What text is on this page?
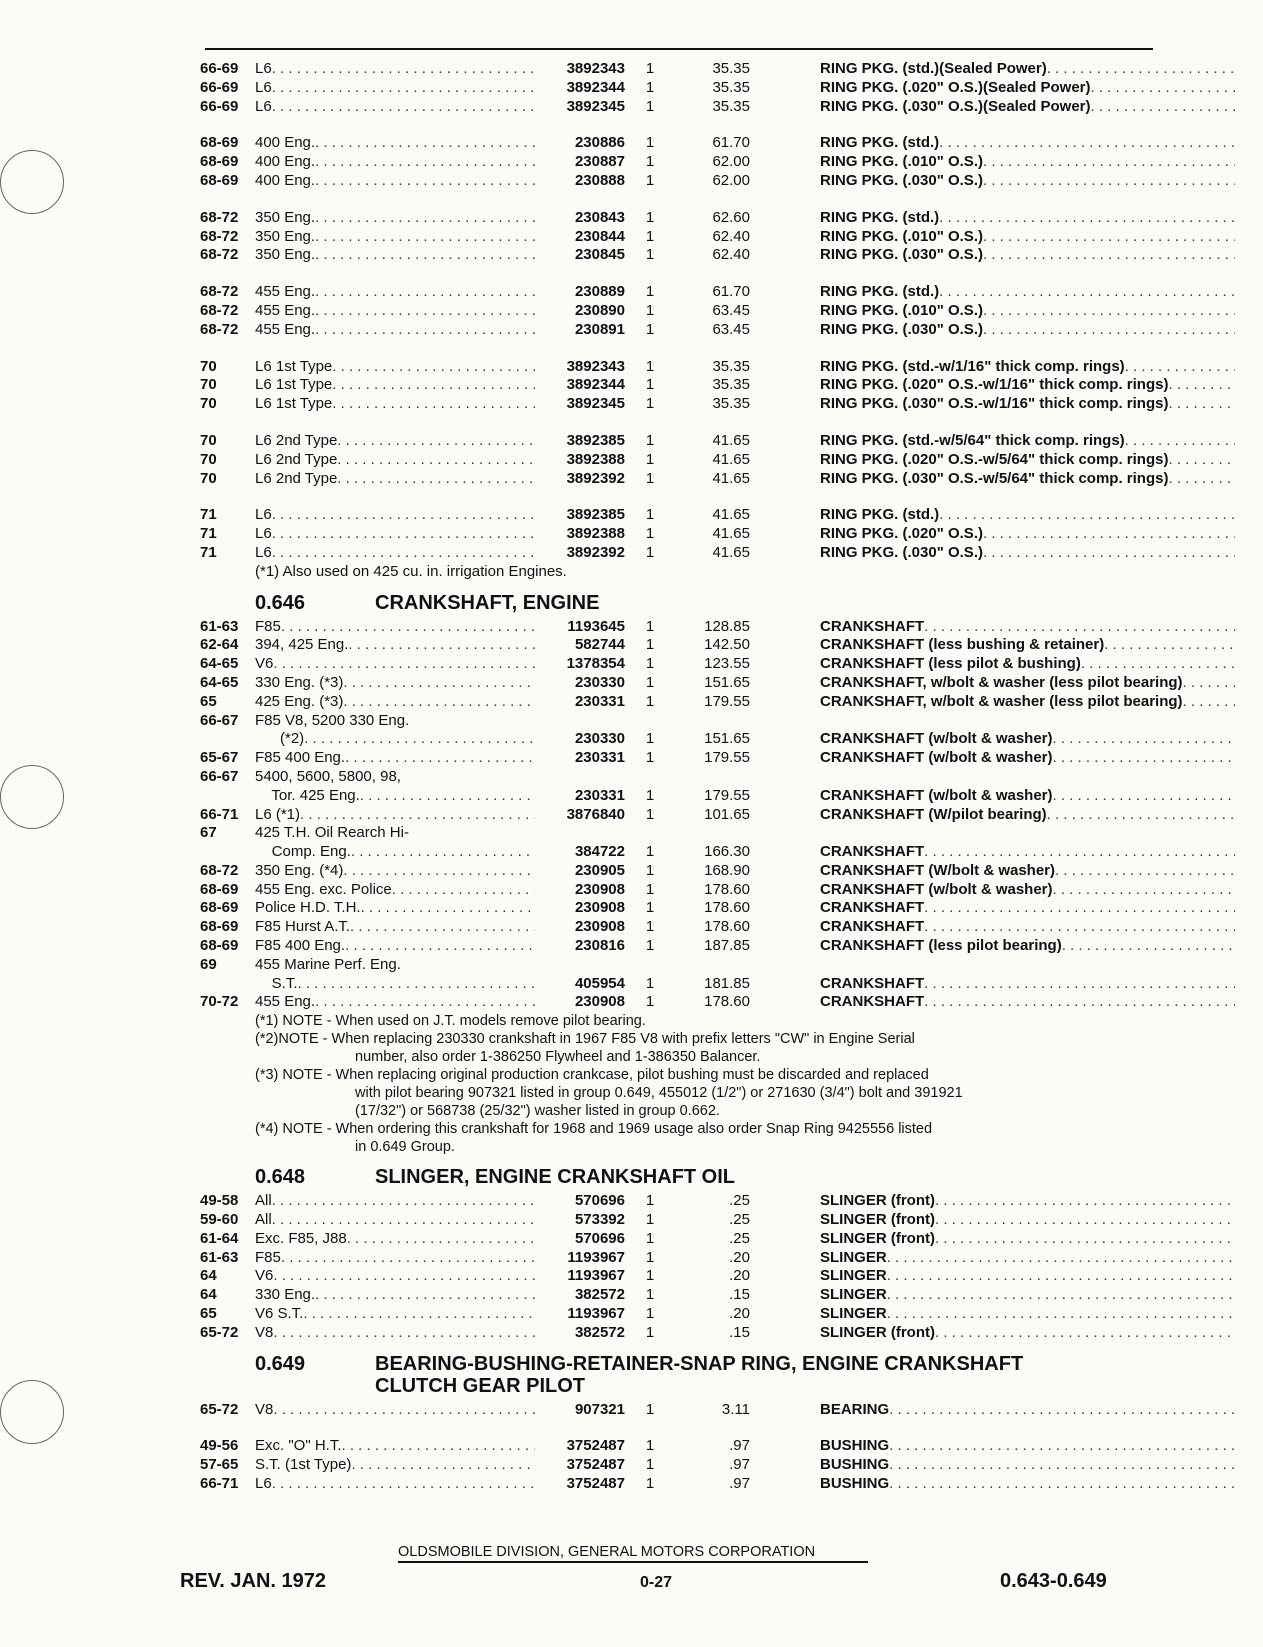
66-69	L6 . . .	3892343	1	35.35	RING PKG. (std.)(Sealed Power)
. . .
66-69	L6 . . .	3892344	1	35.35	RING PKG. (.020" O.S.)(Sealed Power)
. . .
66-69	L6 . . .	3892345	1	35.35	RING PKG. (.030" O.S.)(Sealed Power)
. . .
68-69	400 Eng. . . .	230886	1	61.70	RING PKG. (std.)
. . .
68-69	400 Eng. . . .	230887	1	62.00	RING PKG. (.010" O.S.)
. . .
68-69	400 Eng. . . .	230888	1	62.00	RING PKG. (.030" O.S.)
. . .
68-72	350 Eng. . . .	230843	1	62.60	RING PKG. (std.)
. . .
68-72	350 Eng. . . .	230844	1	62.40	RING PKG. (.010" O.S.)
. . .
68-72	350 Eng. . . .	230845	1	62.40	RING PKG. (.030" O.S.)
. . .
68-72	455 Eng. . . .	230889	1	61.70	RING PKG. (std.)
. . .
68-72	455 Eng. . . .	230890	1	63.45	RING PKG. (.010" O.S.)
. . .
68-72	455 Eng. . . .	230891	1	63.45	RING PKG. (.030" O.S.)
. . .
70	L6 1st Type . . .	3892343	1	35.35	RING PKG. (std.-w/1/16" thick comp. rings)
. . .
70	L6 1st Type . . .	3892344	1	35.35	RING PKG. (.020" O.S.-w/1/16" thick comp. rings)
. . .
70	L6 1st Type . . .	3892345	1	35.35	RING PKG. (.030" O.S.-w/1/16" thick comp. rings)
. . .
70	L6 2nd Type . . .	3892385	1	41.65	RING PKG. (std.-w/5/64" thick comp. rings)
. . .
70	L6 2nd Type . . .	3892388	1	41.65	RING PKG. (.020" O.S.-w/5/64" thick comp. rings)
. . .
70	L6 2nd Type . . .	3892392	1	41.65	RING PKG. (.030" O.S.-w/5/64" thick comp. rings)
. . .
71	L6 . . .	3892385	1	41.65	RING PKG. (std.)
. . .
71	L6 . . .	3892388	1	41.65	RING PKG. (.020" O.S.)
. . .
71	L6 . . .	3892392	1	41.65	RING PKG. (.030" O.S.)
. . .
(*1) Also used on 425 cu. in. irrigation Engines.
0.646	CRANKSHAFT, ENGINE
61-63	F85 . . .	1193645	1	128.85	CRANKSHAFT
. . .
62-64	394, 425 Eng. . . .	582744	1	142.50	CRANKSHAFT (less bushing & retainer)
. . .
64-65	V6 . . .	1378354	1	123.55	CRANKSHAFT (less pilot & bushing)
. . .
64-65	330 Eng. (*3) . . .	230330	1	151.65	CRANKSHAFT, w/bolt & washer (less pilot bearing)
. . .
65	425 Eng. (*3) . . .	230331	1	179.55	CRANKSHAFT, w/bolt & washer (less pilot bearing)
. . .
66-67	F85 V8, 5200 330 Eng.
(*2) . . .	230330	1	151.65	CRANKSHAFT (w/bolt & washer)
. . .
65-67	F85 400 Eng. . . .	230331	1	179.55	CRANKSHAFT (w/bolt & washer)
. . .
66-67	5400, 5600, 5800, 98,
Tor. 425 Eng. . . .	230331	1	179.55	CRANKSHAFT (w/bolt & washer)
. . .
66-71	L6 (*1) . . .	3876840	1	101.65	CRANKSHAFT (W/pilot bearing)
. . .
67	425 T.H. Oil Rearch Hi-
Comp. Eng. . . .	384722	1	166.30	CRANKSHAFT
. . .
68-72	350 Eng. (*4) . . .	230905	1	168.90	CRANKSHAFT (W/bolt & washer)
. . .
68-69	455 Eng. exc. Police . . .	230908	1	178.60	CRANKSHAFT (w/bolt & washer)
. . .
68-69	Police H.D. T.H. . . .	230908	1	178.60	CRANKSHAFT
. . .
68-69	F85 Hurst A.T. . . .	230908	1	178.60	CRANKSHAFT
. . .
68-69	F85 400 Eng. . . .	230816	1	187.85	CRANKSHAFT (less pilot bearing)
. . .
69	455 Marine Perf. Eng.
S.T. . . .	405954	1	181.85	CRANKSHAFT
. . .
70-72	455 Eng. . . .	230908	1	178.60	CRANKSHAFT
. . .
(*1) NOTE - When used on J.T. models remove pilot bearing.
(*2)NOTE - When replacing 230330 crankshaft in 1967 F85 V8 with prefix letters "CW" in Engine Serial
number, also order 1-386250 Flywheel and 1-386350 Balancer.
(*3) NOTE - When replacing original production crankcase, pilot bushing must be discarded and replaced
with pilot bearing 907321 listed in group 0.649, 455012 (1/2") or 271630 (3/4") bolt and 391921
(17/32") or 568738 (25/32") washer listed in group 0.662.
(*4) NOTE - When ordering this crankshaft for 1968 and 1969 usage also order Snap Ring 9425556 listed
in 0.649 Group.
0.648	SLINGER, ENGINE CRANKSHAFT OIL
49-58	All . . .	570696	1	.25	SLINGER (front)
. . .
59-60	All . . .	573392	1	.25	SLINGER (front)
. . .
61-64	Exc. F85, J88 . . .	570696	1	.25	SLINGER (front)
. . .
61-63	F85 . . .	1193967	1	.20	SLINGER
. . .
64	V6 . . .	1193967	1	.20	SLINGER
. . .
64	330 Eng. . . .	382572	1	.15	SLINGER
. . .
65	V6 S.T. . . .	1193967	1	.20	SLINGER
. . .
65-72	V8 . . .	382572	1	.15	SLINGER (front)
. . .
0.649	BEARING-BUSHING-RETAINER-SNAP RING, ENGINE CRANKSHAFT
CLUTCH GEAR PILOT
65-72	V8 . . .	907321	1	3.11	BEARING
. . .
49-56	Exc. "O" H.T. . . .	3752487	1	.97	BUSHING
. . .
57-65	S.T. (1st Type) . . .	3752487	1	.97	BUSHING
. . .
66-71	L6 . . .	3752487	1	.97	BUSHING
. . .
OLDSMOBILE DIVISION, GENERAL MOTORS CORPORATION
REV. JAN. 1972	0-27	0.643-0.649
